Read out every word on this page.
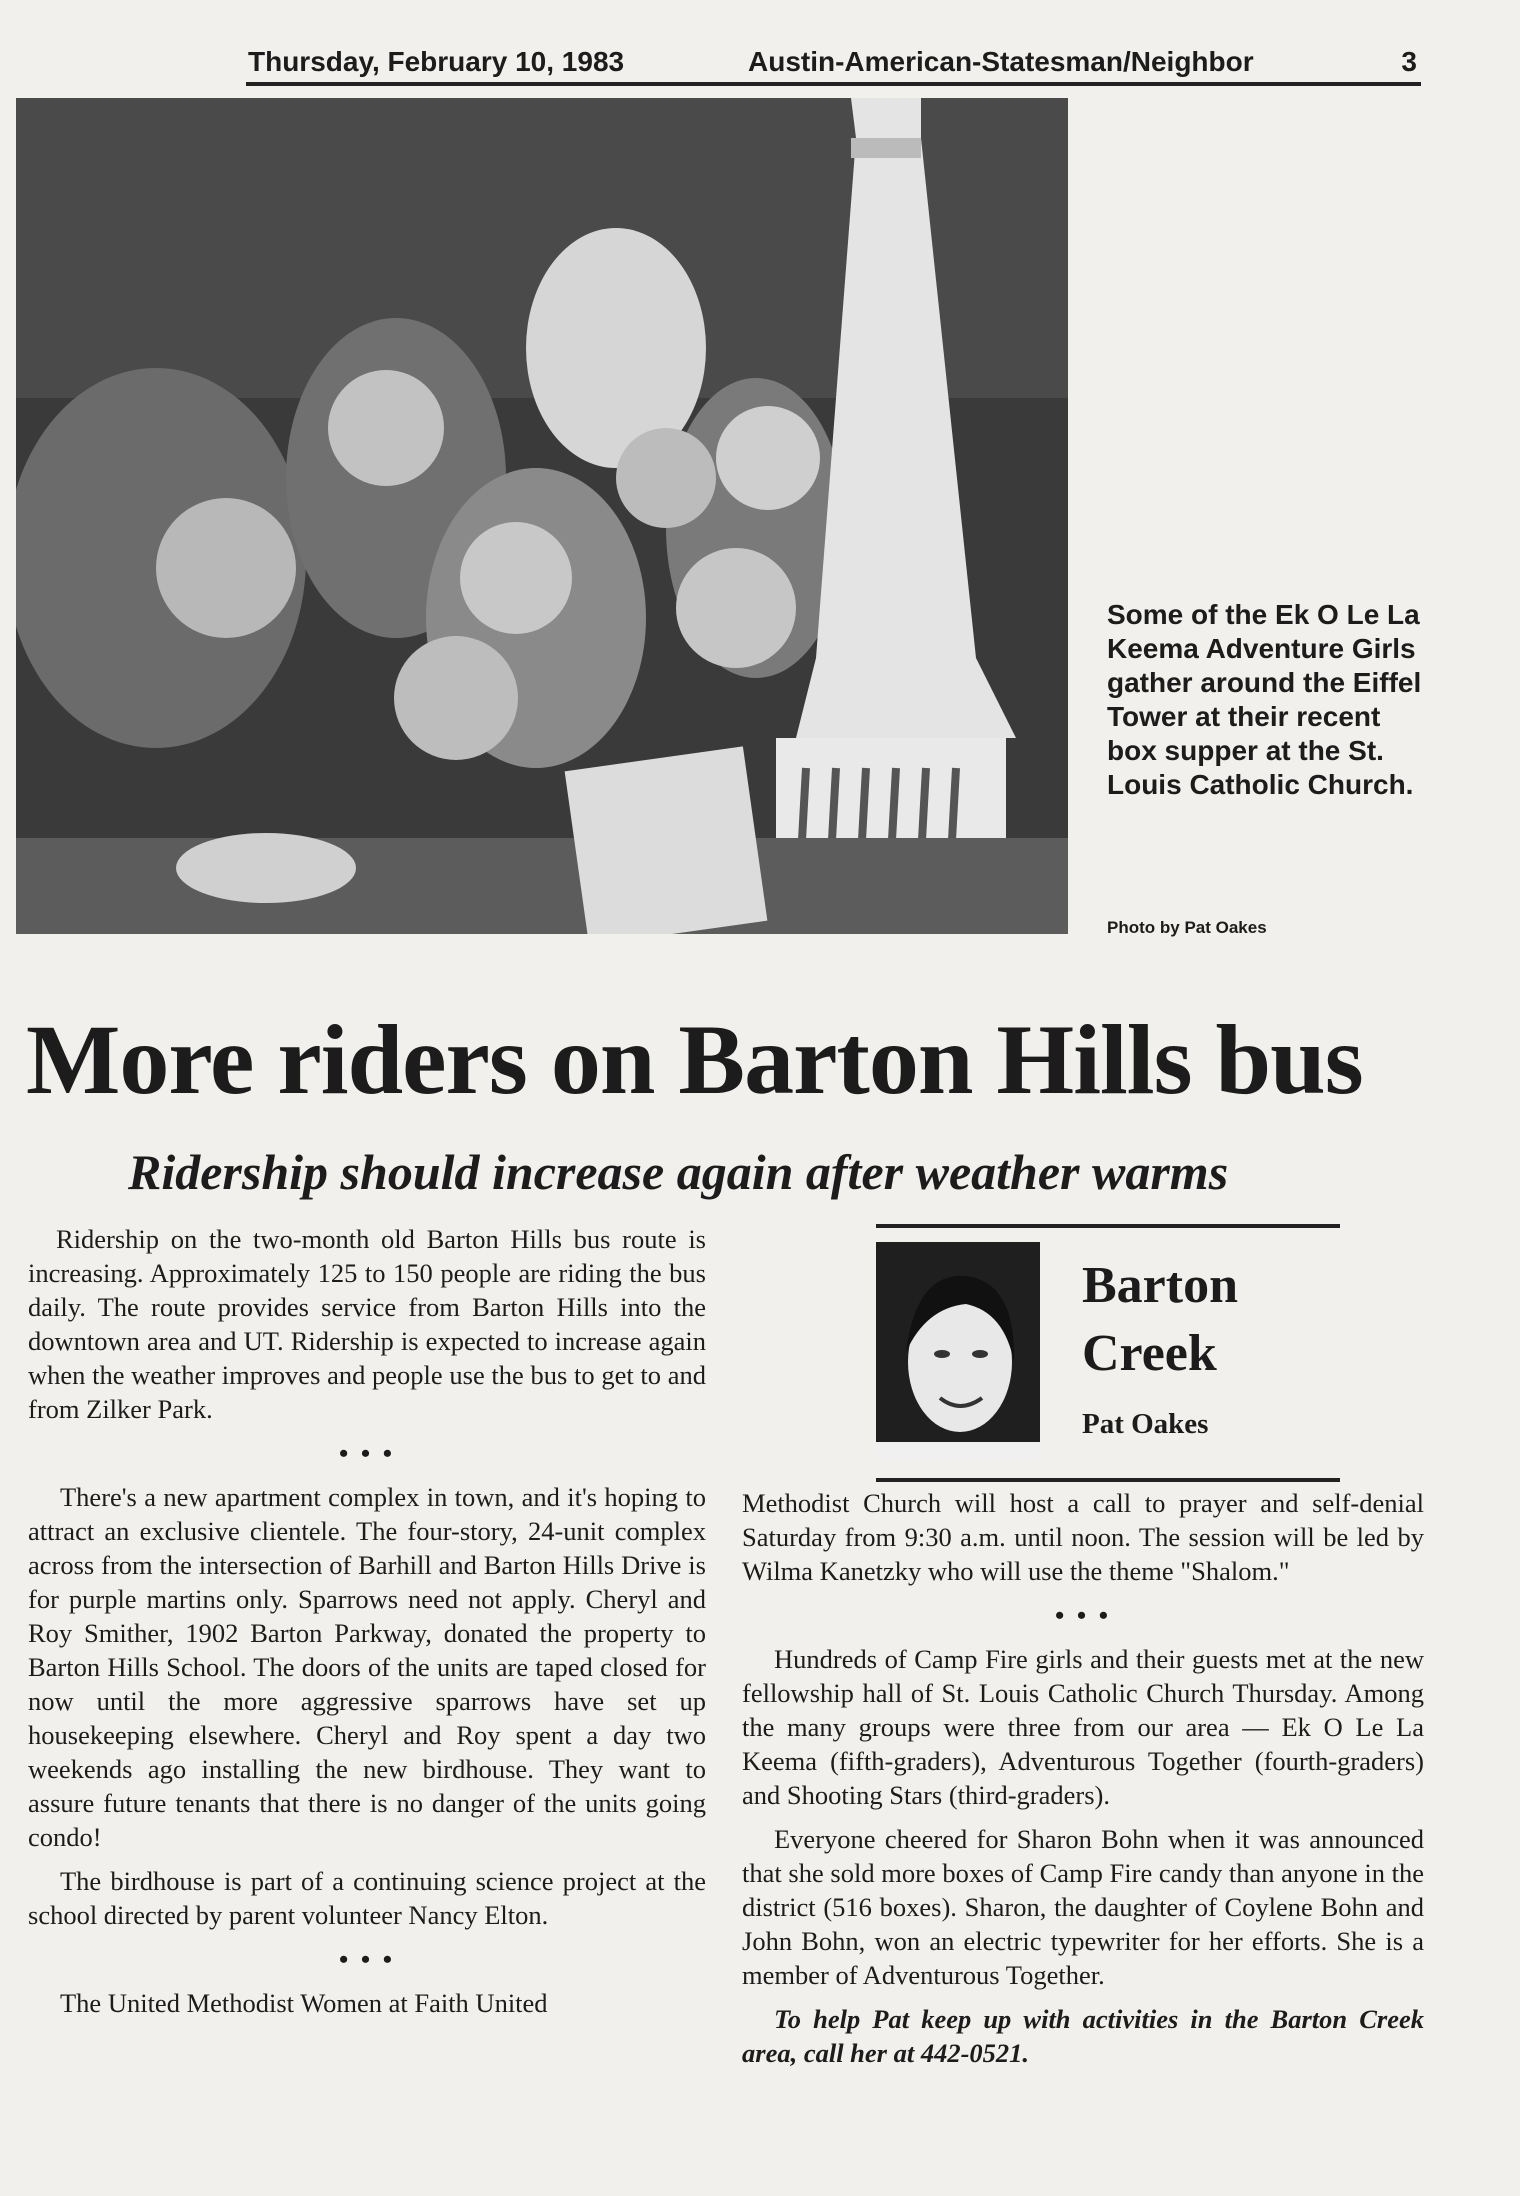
Thursday, February 10, 1983	Austin-American-Statesman/Neighbor	3
Some of the Ek O Le La Keema Adventure Girls gather around the Eiffel Tower at their recent box supper at the St. Louis Catholic Church.
Photo by Pat Oakes
More riders on Barton Hills bus
Ridership should increase again after weather warms

Ridership on the two-month old Barton Hills bus route is increasing. Approximately 125 to 150 people are riding the bus daily. The route provides service from Barton Hills into the downtown area and UT. Ridership is expected to increase again when the weather improves and people use the bus to get to and from Zilker Park.

• • •

There's a new apartment complex in town, and it's hoping to attract an exclusive clientele. The four-story, 24-unit complex across from the intersection of Barhill and Barton Hills Drive is for purple martins only. Sparrows need not apply. Cheryl and Roy Smither, 1902 Barton Parkway, donated the property to Barton Hills School. The doors of the units are taped closed for now until the more aggressive sparrows have set up housekeeping elsewhere. Cheryl and Roy spent a day two weekends ago installing the new birdhouse. They want to assure future tenants that there is no danger of the units going condo!

The birdhouse is part of a continuing science project at the school directed by parent volunteer Nancy Elton.

• • •

The United Methodist Women at Faith United

Barton Creek
Pat Oakes

Methodist Church will host a call to prayer and self-denial Saturday from 9:30 a.m. until noon. The session will be led by Wilma Kanetzky who will use the theme "Shalom."

• • •

Hundreds of Camp Fire girls and their guests met at the new fellowship hall of St. Louis Catholic Church Thursday. Among the many groups were three from our area — Ek O Le La Keema (fifth-graders), Adventurous Together (fourth-graders) and Shooting Stars (third-graders).

Everyone cheered for Sharon Bohn when it was announced that she sold more boxes of Camp Fire candy than anyone in the district (516 boxes). Sharon, the daughter of Coylene Bohn and John Bohn, won an electric typewriter for her efforts. She is a member of Adventurous Together.

To help Pat keep up with activities in the Barton Creek area, call her at 442-0521.
